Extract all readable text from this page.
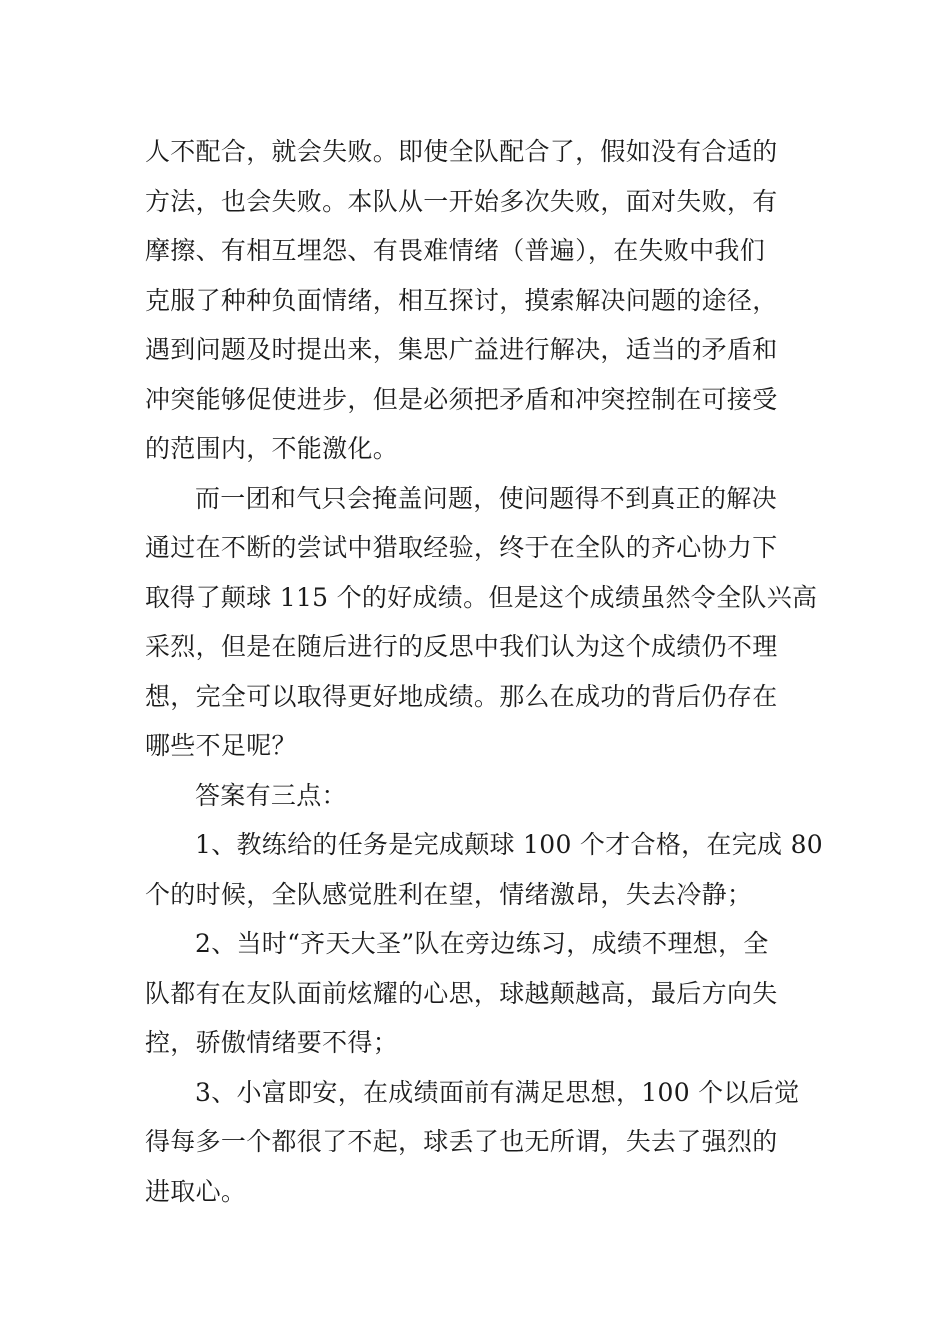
人不配合，就会失败。即使全队配合了，假如没有合适的
方法，也会失败。本队从一开始多次失败，面对失败，有
摩擦、有相互埋怨、有畏难情绪（普遍），在失败中我们
克服了种种负面情绪，相互探讨，摸索解决问题的途径，
遇到问题及时提出来，集思广益进行解决，适当的矛盾和
冲突能够促使进步，但是必须把矛盾和冲突控制在可接受
的范围内，不能激化。
而一团和气只会掩盖问题，使问题得不到真正的解决
通过在不断的尝试中猎取经验，终于在全队的齐心协力下
取得了颠球 115 个的好成绩。但是这个成绩虽然令全队兴高
采烈，但是在随后进行的反思中我们认为这个成绩仍不理
想，完全可以取得更好地成绩。那么在成功的背后仍存在
哪些不足呢？
答案有三点：
1、教练给的任务是完成颠球 100 个才合格，在完成 80
个的时候，全队感觉胜利在望，情绪激昂，失去冷静；
2、当时“齐天大圣”队在旁边练习，成绩不理想，全
队都有在友队面前炫耀的心思，球越颠越高，最后方向失
控，骄傲情绪要不得；
3、小富即安，在成绩面前有满足思想，100 个以后觉
得每多一个都很了不起，球丢了也无所谓，失去了强烈的
进取心。
